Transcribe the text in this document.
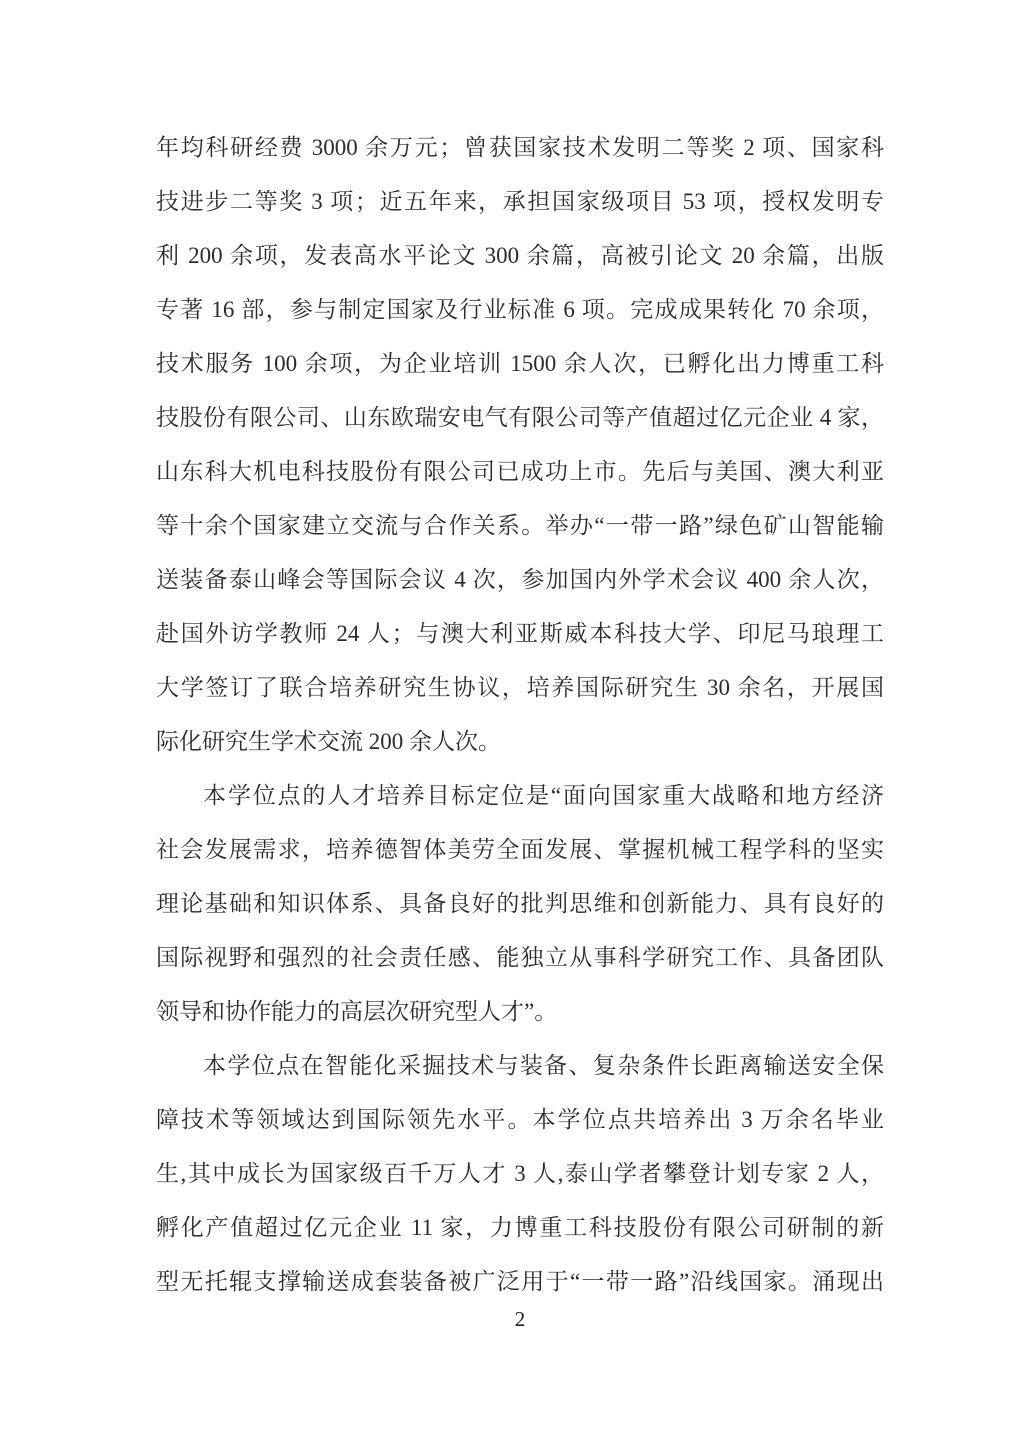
年均科研经费 3000 余万元；曾获国家技术发明二等奖 2 项、国家科
技进步二等奖 3 项；近五年来，承担国家级项目 53 项，授权发明专
利 200 余项，发表高水平论文 300 余篇，高被引论文 20 余篇，出版
专著 16 部，参与制定国家及行业标准 6 项。完成成果转化 70 余项，
技术服务 100 余项，为企业培训 1500 余人次，已孵化出力博重工科
技股份有限公司、山东欧瑞安电气有限公司等产值超过亿元企业 4 家，
山东科大机电科技股份有限公司已成功上市。先后与美国、澳大利亚
等十余个国家建立交流与合作关系。举办“一带一路”绿色矿山智能输
送装备泰山峰会等国际会议 4 次，参加国内外学术会议 400 余人次，
赴国外访学教师 24 人；与澳大利亚斯威本科技大学、印尼马琅理工
大学签订了联合培养研究生协议，培养国际研究生 30 余名，开展国
际化研究生学术交流 200 余人次。

本学位点的人才培养目标定位是“面向国家重大战略和地方经济
社会发展需求，培养德智体美劳全面发展、掌握机械工程学科的坚实
理论基础和知识体系、具备良好的批判思维和创新能力、具有良好的
国际视野和强烈的社会责任感、能独立从事科学研究工作、具备团队
领导和协作能力的高层次研究型人才”。

本学位点在智能化采掘技术与装备、复杂条件长距离输送安全保
障技术等领域达到国际领先水平。本学位点共培养出 3 万余名毕业
生,其中成长为国家级百千万人才 3 人,泰山学者攀登计划专家 2 人，
孵化产值超过亿元企业 11 家，力博重工科技股份有限公司研制的新
型无托辊支撑输送成套装备被广泛用于“一带一路”沿线国家。涌现出

2
